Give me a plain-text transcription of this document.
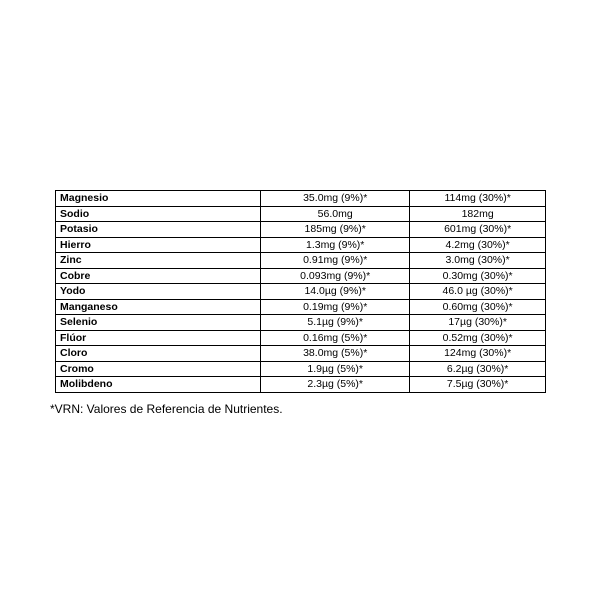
Magnesio	35.0mg (9%)*	114mg (30%)*
Sodio	56.0mg	182mg
Potasio	185mg (9%)*	601mg (30%)*
Hierro	1.3mg (9%)*	4.2mg (30%)*
Zinc	0.91mg (9%)*	3.0mg (30%)*
Cobre	0.093mg (9%)*	0.30mg (30%)*
Yodo	14.0µg (9%)*	46.0 µg (30%)*
Manganeso	0.19mg (9%)*	0.60mg (30%)*
Selenio	5.1µg (9%)*	17µg (30%)*
Flúor	0.16mg (5%)*	0.52mg (30%)*
Cloro	38.0mg (5%)*	124mg (30%)*
Cromo	1.9µg (5%)*	6.2µg (30%)*
Molibdeno	2.3µg (5%)*	7.5µg (30%)*
*VRN: Valores de Referencia de Nutrientes.
